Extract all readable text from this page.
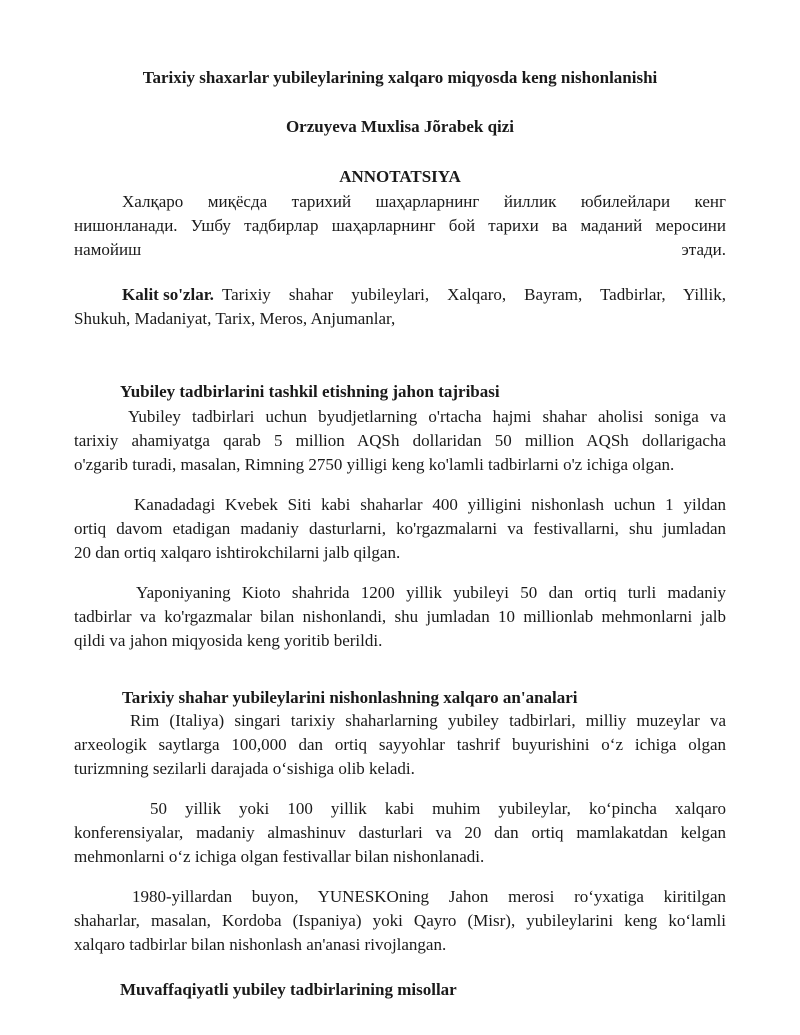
Tarixiy shaxarlar yubileylarining xalqaro miqyosda keng nishonlanishi
Orzuyeva Muxlisa Jõrabek qizi
ANNOTATSIYA
Халқаро миқёсда тарихий шаҳарларнинг йиллик юбилейлари кенг
нишонланади. Ушбу тадбирлар шаҳарларнинг бой тарихи ва маданий меросини
намойиш	этади.
Kalit so'zlar. Tarixiy shahar yubileylari, Xalqaro, Bayram, Tadbirlar, Yillik,
Shukuh, Madaniyat, Tarix, Meros, Anjumanlar,
Yubiley tadbirlarini tashkil etishning jahon tajribasi
Yubiley tadbirlari uchun byudjetlarning o'rtacha hajmi shahar aholisi soniga va
tarixiy ahamiyatga qarab 5 million AQSh dollaridan 50 million AQSh dollarigacha
o'zgarib turadi, masalan, Rimning 2750 yilligi keng ko'lamli tadbirlarni o'z ichiga olgan.
Kanadadagi Kvebek Siti kabi shaharlar 400 yilligini nishonlash uchun 1 yildan
ortiq davom etadigan madaniy dasturlarni, ko'rgazmalarni va festivallarni, shu jumladan
20 dan ortiq xalqaro ishtirokchilarni jalb qilgan.
Yaponiyaning Kioto shahrida 1200 yillik yubileyi 50 dan ortiq turli madaniy
tadbirlar va ko'rgazmalar bilan nishonlandi, shu jumladan 10 millionlab mehmonlarni jalb
qildi va jahon miqyosida keng yoritib berildi.
Tarixiy shahar yubileylarini nishonlashning xalqaro an'analari
Rim (Italiya) singari tarixiy shaharlarning yubiley tadbirlari, milliy muzeylar va
arxeologik saytlarga 100,000 dan ortiq sayyohlar tashrif buyurishini oʻz ichiga olgan
turizmning sezilarli darajada oʻsishiga olib keladi.
50 yillik yoki 100 yillik kabi muhim yubileylar, koʻpincha xalqaro
konferensiyalar, madaniy almashinuv dasturlari va 20 dan ortiq mamlakatdan kelgan
mehmonlarni oʻz ichiga olgan festivallar bilan nishonlanadi.
1980-yillardan buyon, YUNESKOning Jahon merosi roʻyxatiga kiritilgan
shaharlar, masalan, Kordoba (Ispaniya) yoki Qayro (Misr), yubileylarini keng koʻlamli
xalqaro tadbirlar bilan nishonlash an'anasi rivojlangan.
Muvaffaqiyatli yubiley tadbirlarining misollar
